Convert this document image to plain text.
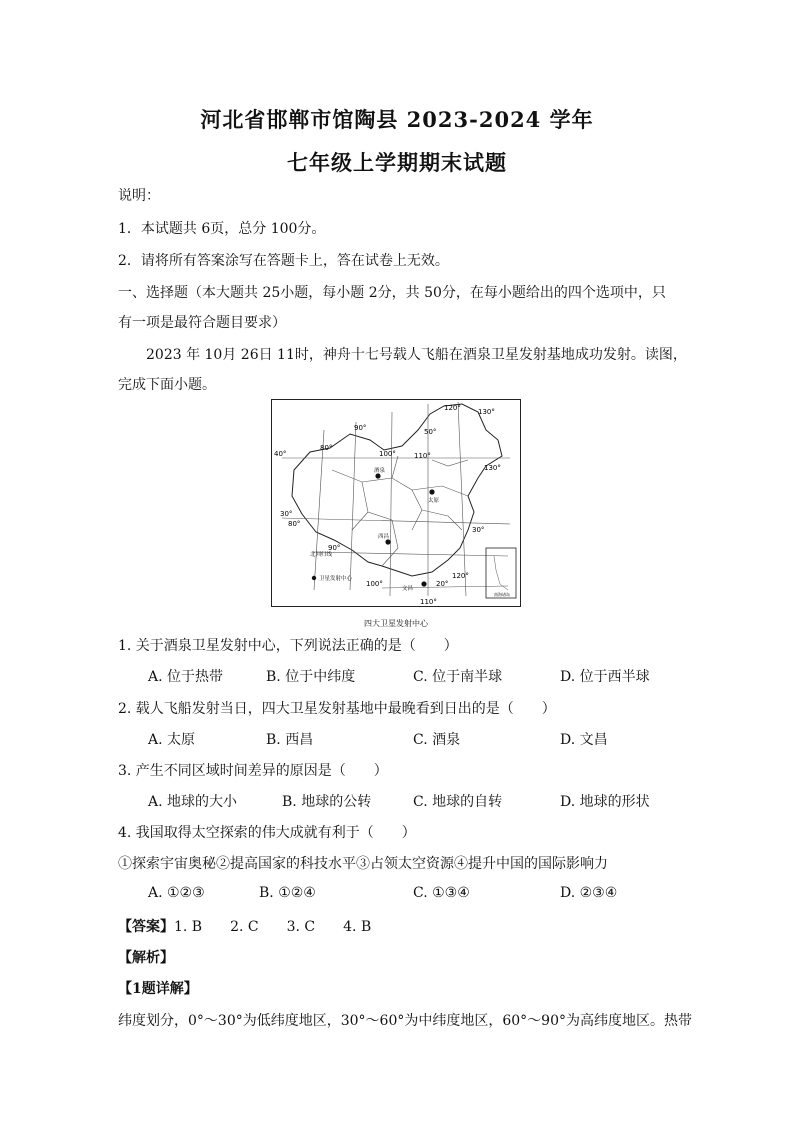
河北省邯郸市馆陶县 2023-2024 学年
七年级上学期期末试题
说明：
1．本试题共 6页，总分 100分。
2．请将所有答案涂写在答题卡上，答在试卷上无效。
一、选择题（本大题共 25小题，每小题 2分，共 50分，在每小题给出的四个选项中，只
有一项是最符合题目要求）
2023 年 10月 26日 11时，神舟十七号载人飞船在酒泉卫星发射基地成功发射。读图，
完成下面小题。
南海诸岛
80°
90°
100°	110°
120° 130°
40°
50°
30°
80°
90°
100°
120°
130°
20°
30°
110°
北回归线
酒泉
太原
西昌
文昌
卫星发射中心
四大卫星发射中心
1. 关于酒泉卫星发射中心，下列说法正确的是（　　）
A. 位于热带	B. 位于中纬度	C. 位于南半球	D. 位于西半球
2. 载人飞船发射当日，四大卫星发射基地中最晚看到日出的是（　　）
A. 太原	B. 西昌	C. 酒泉	D. 文昌
3. 产生不同区域时间差异的原因是（　　）
A. 地球的大小	B. 地球的公转	C. 地球的自转	D. 地球的形状
4. 我国取得太空探索的伟大成就有利于（　　）
①探索宇宙奥秘②提高国家的科技水平③占领太空资源④提升中国的国际影响力
A. ①②③	B. ①②④	C. ①③④	D. ②③④
【答案】1. B　　2. C　　3. C　　4. B
【解析】
【1题详解】
纬度划分，0°～30°为低纬度地区，30°～60°为中纬度地区，60°～90°为高纬度地区。热带
